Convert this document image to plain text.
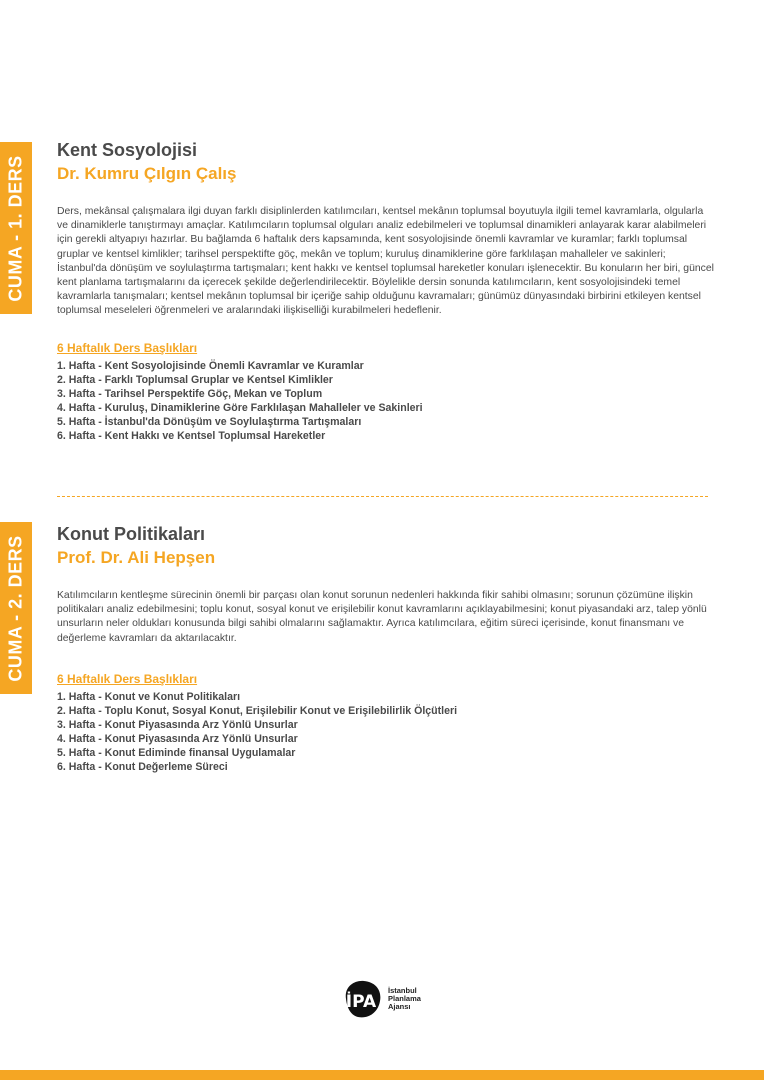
CUMA - 1. DERS
Kent Sosyolojisi
Dr. Kumru Çılgın Çalış

Ders, mekânsal çalışmalara ilgi duyan farklı disiplinlerden katılımcıları, kentsel mekânın toplumsal boyutuyla ilgili temel kavramlarla, olgularla ve dinamiklerle tanıştırmayı amaçlar. Katılımcıların toplumsal olguları analiz edebilmeleri ve toplumsal dinamikleri anlayarak karar alabilmeleri için gerekli altyapıyı hazırlar. Bu bağlamda 6 haftalık ders kapsamında, kent sosyolojisinde önemli kavramlar ve kuramlar; farklı toplumsal gruplar ve kentsel kimlikler; tarihsel perspektifte göç, mekân ve toplum; kuruluş dinamiklerine göre farklılaşan mahalleler ve sakinleri; İstanbul'da dönüşüm ve soylulaştırma tartışmaları; kent hakkı ve kentsel toplumsal hareketler konuları işlenecektir. Bu konuların her biri, güncel kent planlama tartışmalarını da içerecek şekilde değerlendirilecektir. Böylelikle dersin sonunda katılımcıların, kent sosyolojisindeki temel kavramlarla tanışmaları; kentsel mekânın toplumsal bir içeriğe sahip olduğunu kavramaları; günümüz dünyasındaki birbirini etkileyen kentsel toplumsal meseleleri öğrenmeleri ve aralarındaki ilişkiselliği kurabilmeleri hedeflenir.

6 Haftalık Ders Başlıkları

1. Hafta - Kent Sosyolojisinde Önemli Kavramlar ve Kuramlar
2. Hafta - Farklı Toplumsal Gruplar ve Kentsel Kimlikler
3. Hafta - Tarihsel Perspektife Göç, Mekan ve Toplum
4. Hafta - Kuruluş, Dinamiklerine Göre Farklılaşan Mahalleler ve Sakinleri
5. Hafta - İstanbul'da Dönüşüm ve Soylulaştırma Tartışmaları
6. Hafta - Kent Hakkı ve Kentsel Toplumsal Hareketler
CUMA - 2. DERS
Konut Politikaları
Prof. Dr. Ali Hepşen

Katılımcıların kentleşme sürecinin önemli bir parçası olan konut sorunun nedenleri hakkında fikir sahibi olmasını; sorunun çözümüne ilişkin politikaları analiz edebilmesini; toplu konut, sosyal konut ve erişilebilir konut kavramlarını açıklayabilmesini; konut piyasandaki arz, talep yönlü unsurların neler oldukları konusunda bilgi sahibi olmalarını sağlamaktır. Ayrıca katılımcılara, eğitim süreci içerisinde, konut finansmanı ve değerleme kavramları da aktarılacaktır.

6 Haftalık Ders Başlıkları

1. Hafta - Konut ve Konut Politikaları
2. Hafta - Toplu Konut, Sosyal Konut, Erişilebilir Konut ve Erişilebilirlik Ölçütleri
3. Hafta - Konut Piyasasında Arz Yönlü Unsurlar
4. Hafta - Konut Piyasasında Arz Yönlü Unsurlar
5. Hafta - Konut Ediminde finansal Uygulamalar
6. Hafta - Konut Değerleme Süreci
İPA
İstanbul
Planlama
Ajansı
